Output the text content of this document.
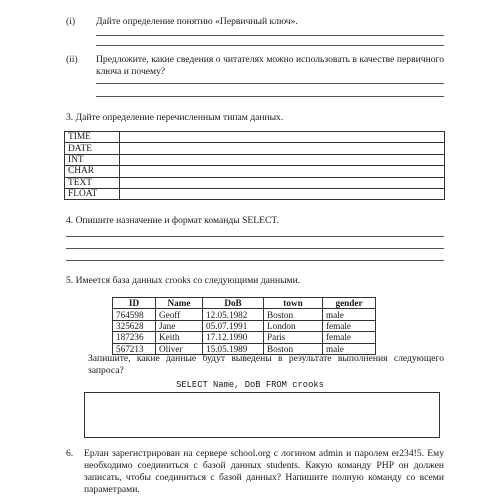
(i) Дайте определение понятию «Первичный ключ».
(ii) Предложите, какие сведения о читателях можно использовать в качестве первичного ключа и почему?
3. Дайте определение перечисленным типам данных.
TIME	
DATE	
INT	
CHAR	
TEXT	
FLOAT	
4. Опишите назначение и формат команды SELECT.
5. Имеется база данных crooks со следующими данными.
ID	Name	DoB	town	gender
764598	Geoff	12.05.1982	Boston	male
325628	Jane	05.07.1991	London	female
187236	Keith	17.12.1990	Paris	female
567213	Oliver	15.05.1989	Boston	male
Запишите, какие данные будут выведены в результате выполнения следующего запроса?
SELECT Name, DoB FROM crooks
6. Ерлан зарегистрирован на сервере school.org с логином admin и паролем er234!5. Ему необходимо соединиться с базой данных students. Какую команду PHP он должен записать, чтобы соединиться с базой данных? Напишите полную команду со всеми параметрами.
